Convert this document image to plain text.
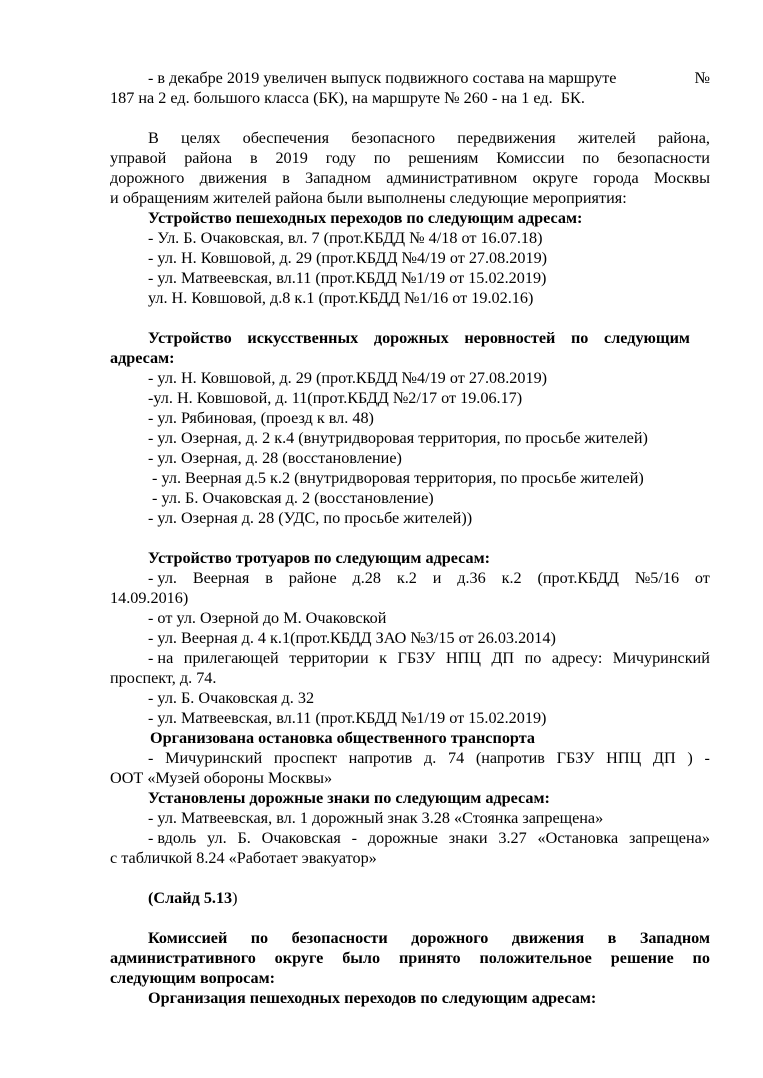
- в декабре 2019 увеличен выпуск подвижного состава на маршруте	№
187 на 2 ед. большого класса (БК), на маршруте № 260 - на 1 ед.  БК.
В целях обеспечения безопасного передвижения жителей района,
управой района в 2019 году по решениям Комиссии по безопасности
дорожного движения в Западном административном округе города Москвы
и обращениям жителей района были выполнены следующие мероприятия:
Устройство пешеходных переходов по следующим адресам:
- Ул. Б. Очаковская, вл. 7 (прот.КБДД № 4/18 от 16.07.18)
- ул. Н. Ковшовой, д. 29 (прот.КБДД №4/19 от 27.08.2019)
- ул. Матвеевская, вл.11 (прот.КБДД №1/19 от 15.02.2019)
ул. Н. Ковшовой, д.8 к.1 (прот.КБДД №1/16 от 19.02.16)
Устройство искусственных дорожных неровностей по следующим
адресам:
- ул. Н. Ковшовой, д. 29 (прот.КБДД №4/19 от 27.08.2019)
-ул. Н. Ковшовой, д. 11(прот.КБДД №2/17 от 19.06.17)
- ул. Рябиновая, (проезд к вл. 48)
- ул. Озерная, д. 2 к.4 (внутридворовая территория, по просьбе жителей)
- ул. Озерная, д. 28 (восстановление)
- ул. Веерная д.5 к.2 (внутридворовая территория, по просьбе жителей)
- ул. Б. Очаковская д. 2 (восстановление)
- ул. Озерная д. 28 (УДС, по просьбе жителей))
Устройство тротуаров по следующим адресам:
- ул. Веерная в районе д.28 к.2 и д.36 к.2 (прот.КБДД №5/16 от
14.09.2016)
- от ул. Озерной до М. Очаковской
- ул. Веерная д. 4 к.1(прот.КБДД ЗАО №3/15 от 26.03.2014)
- на прилегающей территории к ГБЗУ НПЦ ДП по адресу: Мичуринский
проспект, д. 74.
- ул. Б. Очаковская д. 32
- ул. Матвеевская, вл.11 (прот.КБДД №1/19 от 15.02.2019)
Организована остановка общественного транспорта
- Мичуринский проспект напротив д. 74 (напротив ГБЗУ НПЦ ДП ) -
ООТ «Музей обороны Москвы»
Установлены дорожные знаки по следующим адресам:
- ул. Матвеевская, вл. 1 дорожный знак 3.28 «Стоянка запрещена»
- вдоль ул. Б. Очаковская - дорожные знаки 3.27 «Остановка запрещена»
с табличкой 8.24 «Работает эвакуатор»
(Слайд 5.13)
Комиссией по безопасности дорожного движения в Западном
административного округе было принято положительное решение по
следующим вопросам:
Организация пешеходных переходов по следующим адресам:
